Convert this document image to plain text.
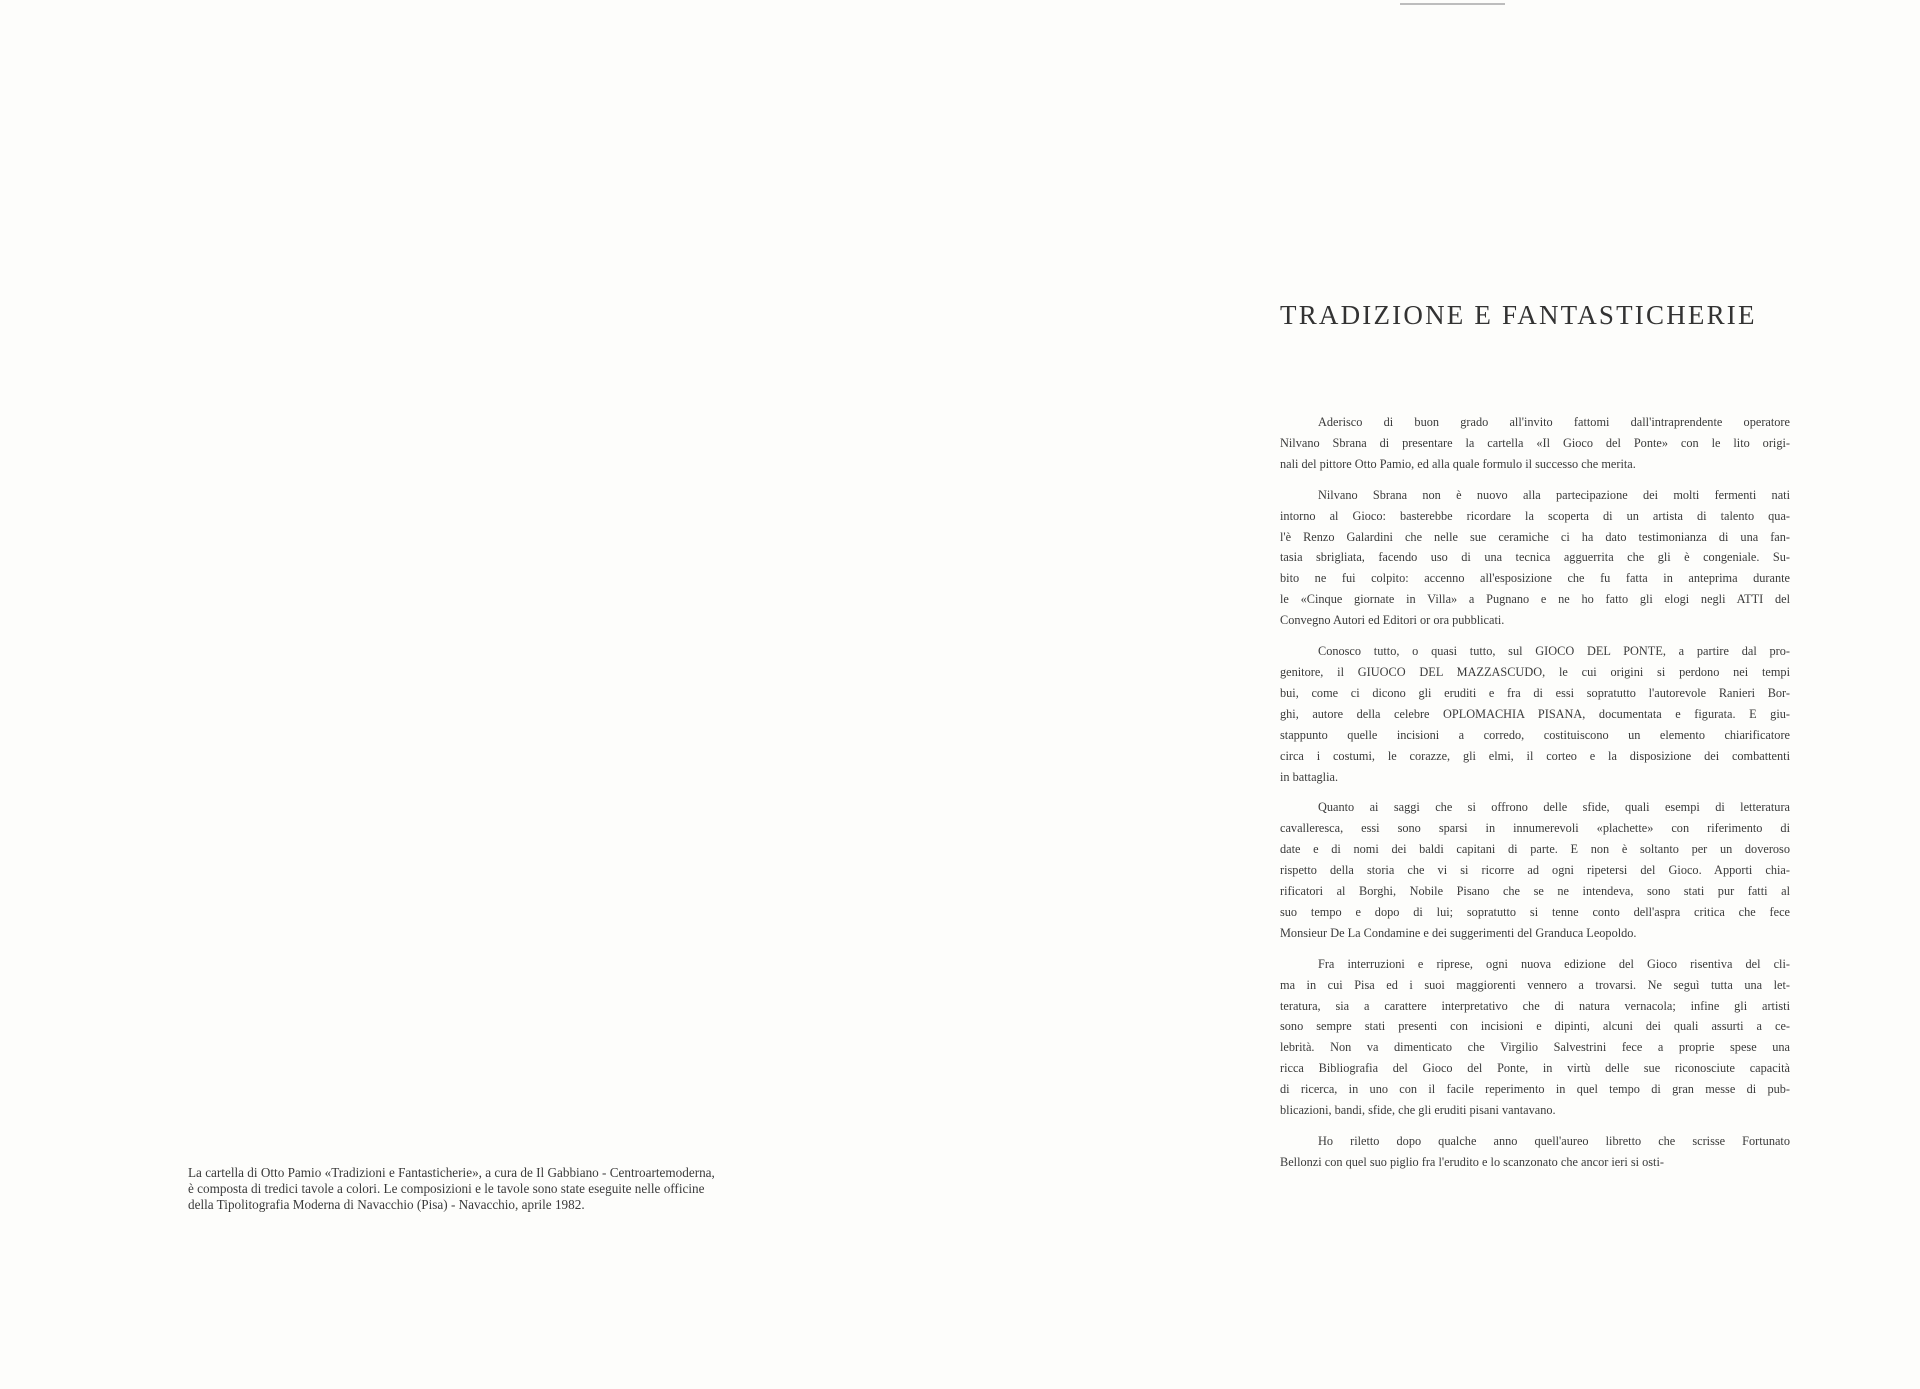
La cartella di Otto Pamio «Tradizioni e Fantasticherie», a cura de Il Gabbiano - Centroartemoderna,
è composta di tredici tavole a colori. Le composizioni e le tavole sono state eseguite nelle officine
della Tipolitografia Moderna di Navacchio (Pisa) - Navacchio, aprile 1982.
TRADIZIONE E FANTASTICHERIE

Aderisco di buon grado all'invito fattomi dall'intraprendente operatore
Nilvano Sbrana di presentare la cartella «Il Gioco del Ponte» con le lito origi-
nali del pittore Otto Pamio, ed alla quale formulo il successo che merita.

Nilvano Sbrana non è nuovo alla partecipazione dei molti fermenti nati
intorno al Gioco: basterebbe ricordare la scoperta di un artista di talento qua-
l'è Renzo Galardini che nelle sue ceramiche ci ha dato testimonianza di una fan-
tasia sbrigliata, facendo uso di una tecnica agguerrita che gli è congeniale. Su-
bito ne fui colpito: accenno all'esposizione che fu fatta in anteprima durante
le «Cinque giornate in Villa» a Pugnano e ne ho fatto gli elogi negli ATTI del
Convegno Autori ed Editori or ora pubblicati.

Conosco tutto, o quasi tutto, sul GIOCO DEL PONTE, a partire dal pro-
genitore, il GIUOCO DEL MAZZASCUDO, le cui origini si perdono nei tempi
bui, come ci dicono gli eruditi e fra di essi sopratutto l'autorevole Ranieri Bor-
ghi, autore della celebre OPLOMACHIA PISANA, documentata e figurata. E giu-
stappunto quelle incisioni a corredo, costituiscono un elemento chiarificatore
circa i costumi, le corazze, gli elmi, il corteo e la disposizione dei combattenti
in battaglia.

Quanto ai saggi che si offrono delle sfide, quali esempi di letteratura
cavalleresca, essi sono sparsi in innumerevoli «plachette» con riferimento di
date e di nomi dei baldi capitani di parte. E non è soltanto per un doveroso
rispetto della storia che vi si ricorre ad ogni ripetersi del Gioco. Apporti chia-
rificatori al Borghi, Nobile Pisano che se ne intendeva, sono stati pur fatti al
suo tempo e dopo di lui; sopratutto si tenne conto dell'aspra critica che fece
Monsieur De La Condamine e dei suggerimenti del Granduca Leopoldo.

Fra interruzioni e riprese, ogni nuova edizione del Gioco risentiva del cli-
ma in cui Pisa ed i suoi maggiorenti vennero a trovarsi. Ne seguì tutta una let-
teratura, sia a carattere interpretativo che di natura vernacola; infine gli artisti
sono sempre stati presenti con incisioni e dipinti, alcuni dei quali assurti a ce-
lebrità. Non va dimenticato che Virgilio Salvestrini fece a proprie spese una
ricca Bibliografia del Gioco del Ponte, in virtù delle sue riconosciute capacità
di ricerca, in uno con il facile reperimento in quel tempo di gran messe di pub-
blicazioni, bandi, sfide, che gli eruditi pisani vantavano.

Ho riletto dopo qualche anno quell'aureo libretto che scrisse Fortunato
Bellonzi con quel suo piglio fra l'erudito e lo scanzonato che ancor ieri si osti-
